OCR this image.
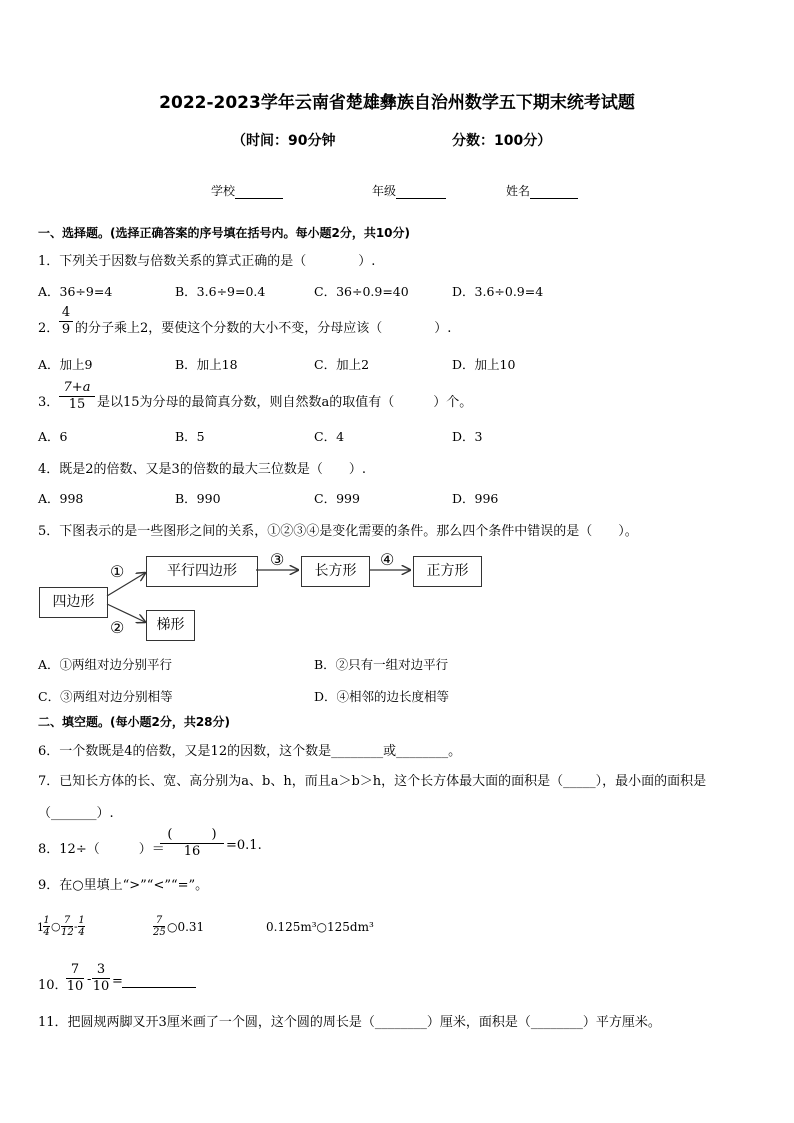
2022-2023学年云南省楚雄彝族自治州数学五下期末统考试题
（时间：90分钟	分数：100分）
学校	年级	姓名
一、选择题。(选择正确答案的序号填在括号内。每小题2分，共10分)
1．下列关于因数与倍数关系的算式正确的是（　　　　）.
A．36÷9=4	B．3.6÷9=0.4	C．36÷0.9=40	D．3.6÷0.9=4
2． $\frac{4}{9}$ 的分子乘上2，要使这个分数的大小不变，分母应该（　　　　）.
A．加上9	B．加上18	C．加上2	D．加上10
3． $\frac{7+a}{15}$ 是以15为分母的最简真分数，则自然数a的取值有（　　　）个。
A．6	B．5	C．4	D．3
4．既是2的倍数、又是3的倍数的最大三位数是（　　）.
A．998	B．990	C．999	D．996
5．下图表示的是一些图形之间的关系，①②③④是变化需要的条件。那么四个条件中错误的是（　　）。
四边形
平行四边形	长方形	正方形
梯形
①
②
③	④
A．①两组对边分别平行	B．②只有一组对边平行
C．③两组对边分别相等	D．④相邻的边长度相等
二、填空题。(每小题2分，共28分)
6．一个数既是4的倍数，又是12的因数，这个数是________或________。
7．已知长方体的长、宽、高分别为a、b、h，而且a＞b＞h，这个长方体最大面的面积是（_____），最小面的面积是
（_______）.
8．12÷（　　　）＝
(　　　)
16	=0.1.
9．在○里填上“>”“<”“=”。
$1 \frac{1}{4}$ ○ $\frac{7}{12} - \frac{1}{4}$	$\frac{7}{25}$ ○0.31	0.125m³○125dm³
10．
$\frac{7}{10} - \frac{3}{10}$ =
11．把圆规两脚叉开3厘米画了一个圆，这个圆的周长是（________）厘米，面积是（________）平方厘米。
